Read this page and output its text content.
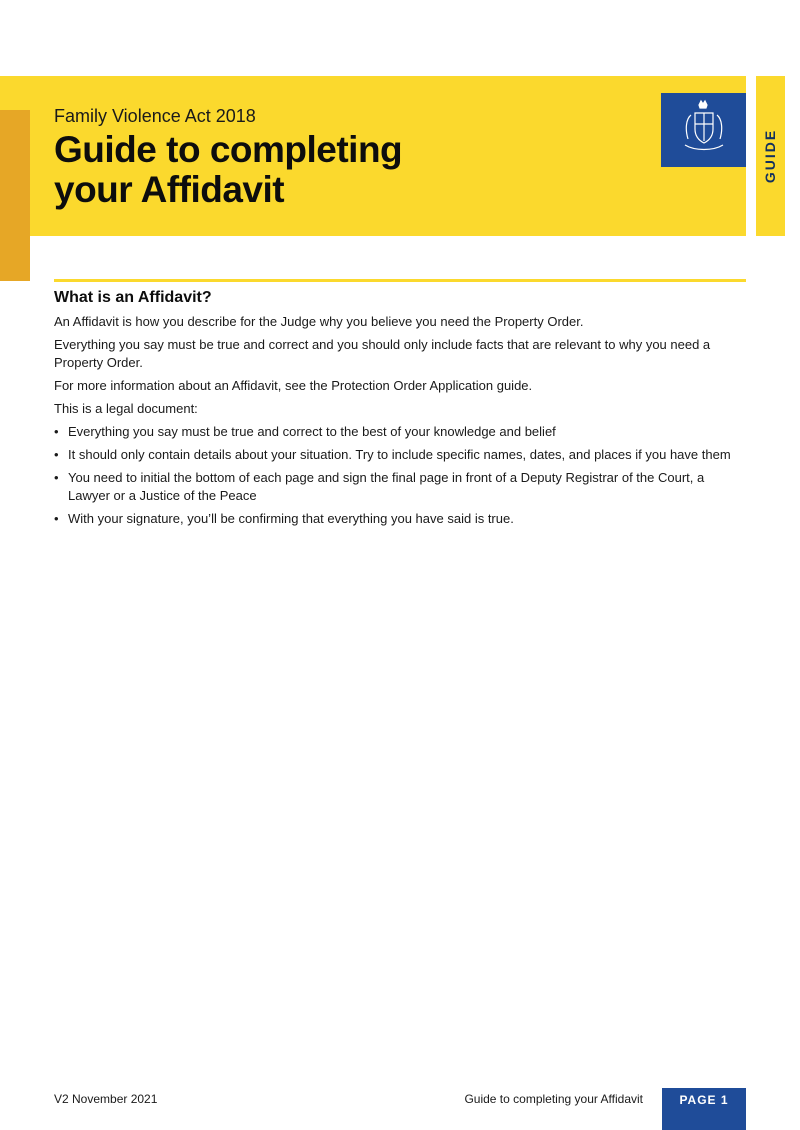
GUIDE
Family Violence Act 2018
Guide to completing
your Affidavit
What is an Affidavit?

An Affidavit is how you describe for the Judge why you believe you need the Property Order.

Everything you say must be true and correct and you should only include facts that are relevant to why you need a Property Order.

For more information about an Affidavit, see the Protection Order Application guide.

This is a legal document:

• Everything you say must be true and correct to the best of your knowledge and belief
• It should only contain details about your situation. Try to include specific names, dates, and places if you have them
• You need to initial the bottom of each page and sign the final page in front of a Deputy Registrar of the Court, a Lawyer or a Justice of the Peace
• With your signature, you’ll be confirming that everything you have said is true.
V2 November 2021	Guide to completing your Affidavit	PAGE 1
